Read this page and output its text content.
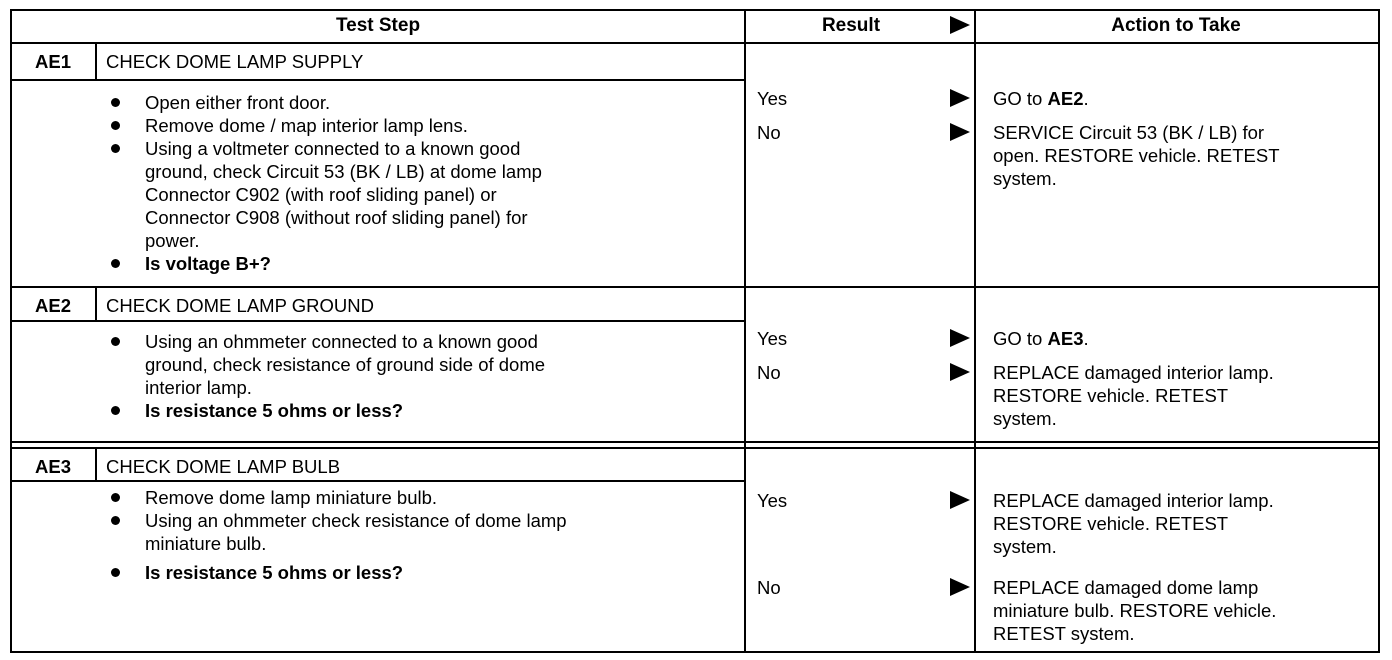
Test Step	Result	Action to Take
AE1	CHECK DOME LAMP SUPPLY
Open either front door.
Remove dome / map interior lamp lens.
Using a voltmeter connected to a known good
ground, check Circuit 53 (BK / LB) at dome lamp
Connector C902 (with roof sliding panel) or
Connector C908 (without roof sliding panel) for
power.
Is voltage B+?
Yes	GO to AE2.
No	SERVICE Circuit 53 (BK / LB) for
open. RESTORE vehicle. RETEST
system.
AE2	CHECK DOME LAMP GROUND
Using an ohmmeter connected to a known good
ground, check resistance of ground side of dome
interior lamp.
Is resistance 5 ohms or less?
Yes	GO to AE3.
No	REPLACE damaged interior lamp.
RESTORE vehicle. RETEST
system.
AE3	CHECK DOME LAMP BULB
Remove dome lamp miniature bulb.
Using an ohmmeter check resistance of dome lamp
miniature bulb.
Is resistance 5 ohms or less?
Yes	REPLACE damaged interior lamp.
RESTORE vehicle. RETEST
system.
No	REPLACE damaged dome lamp
miniature bulb. RESTORE vehicle.
RETEST system.
